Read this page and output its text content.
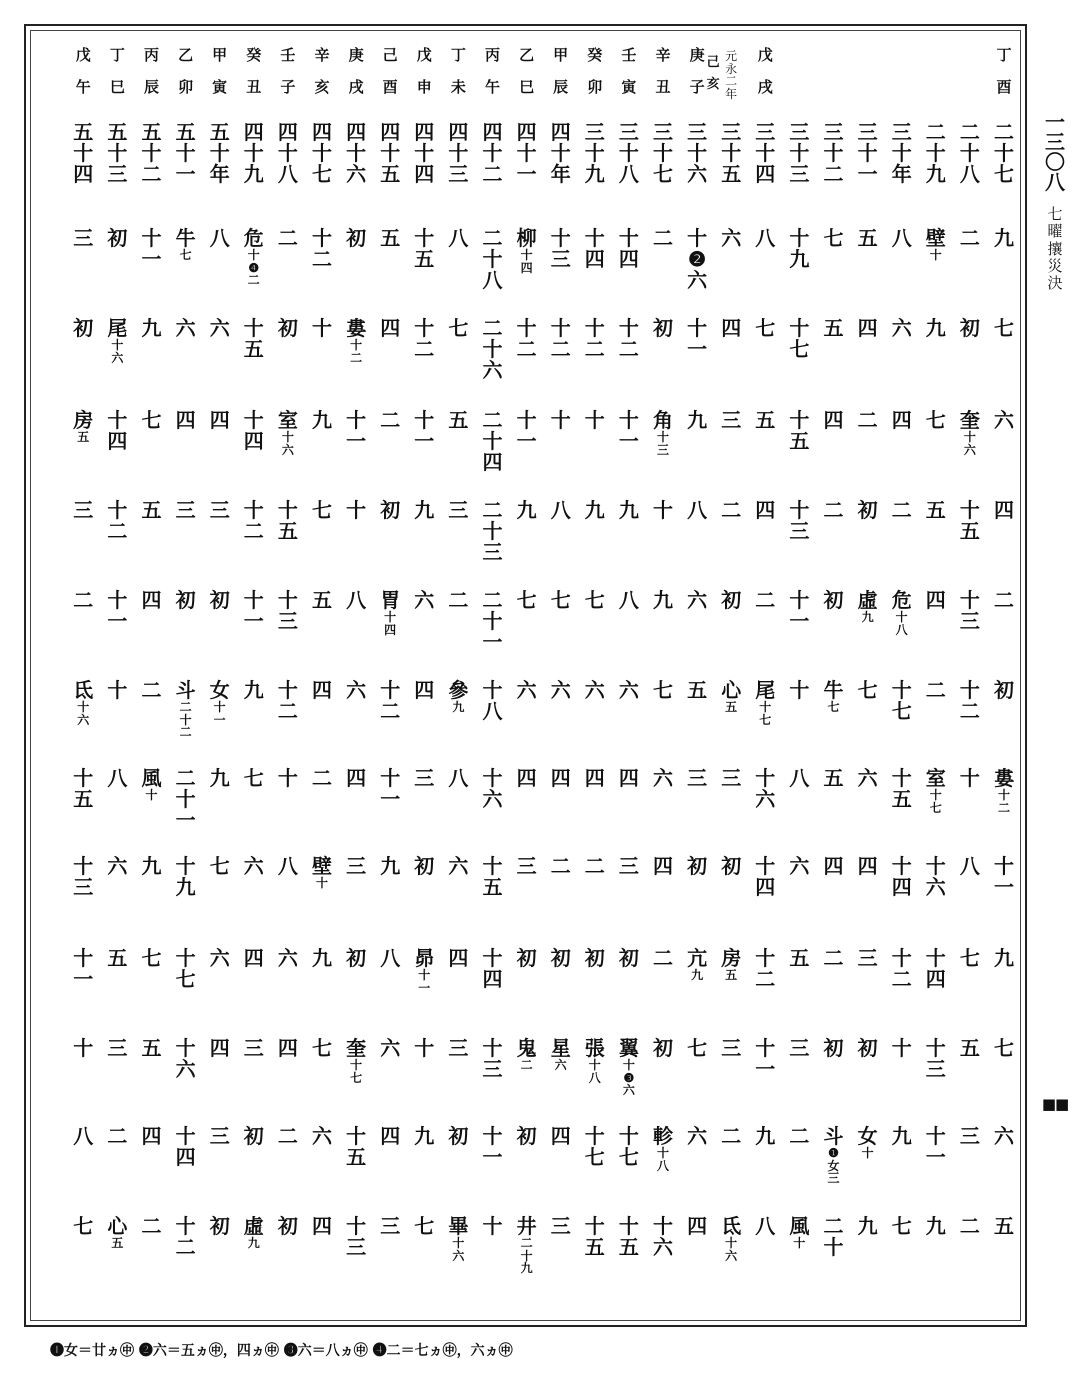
丁
酉
二
十
七
九
七
六
四
二
初
婁
十
二
十
一
九
七
六
五
二
十
八
二
初
奎
十
六
十
五
十
三
十
二
十
八
七
五
三
二
二
十
九
壁
十
九
七
五
四
二
室
十
七
十
六
十
四
十
三
十
一
九
三
十
年
八
六
四
二
危
十
八
十
七
十
五
十
四
十
二
十
九
七
三
十
一
五
四
二
初
虛
九
七
六
四
三
初
女
十
九
三
十
二
七
五
四
二
初
牛
七
五
四
二
初
斗
❶
女
三
二
十
三
十
三
十
九
十
七
十
五
十
三
十
一
十
八
六
五
三
二
風
十
戊
戌
三
十
四
八
七
五
四
二
尾
十
七
十
六
十
四
十
二
十
一
九
八
元
永
二
年
己
亥
三
十
五
六
四
三
二
初
心
五
三
初
房
五
三
二
氐
十
六
庚
子
三
十
六
十
❷
六
十
一
九
八
六
五
三
初
亢
九
七
六
四
辛
丑
三
十
七
二
初
角
十
三
十
九
七
六
四
二
初
軫
十
八
十
六
壬
寅
三
十
八
十
四
十
二
十
一
九
八
六
四
三
初
翼
十
❸
六
十
七
十
五
癸
卯
三
十
九
十
四
十
二
十
九
七
六
四
二
初
張
十
八
十
七
十
五
甲
辰
四
十
年
十
三
十
二
十
八
七
六
四
二
初
星
六
四
三
乙
巳
四
十
一
柳
十
四
十
二
十
一
九
七
六
四
三
初
鬼
二
初
井
二
十
九
丙
午
四
十
二
二
十
八
二
十
六
二
十
四
二
十
三
二
十
一
十
八
十
六
十
五
十
四
十
三
十
一
十
丁
未
四
十
三
八
七
五
三
二
參
九
八
六
四
三
初
畢
十
六
戊
申
四
十
四
十
五
十
二
十
一
九
六
四
三
初
昴
十
一
十
九
七
己
酉
四
十
五
五
四
二
初
胃
十
四
十
二
十
一
九
八
六
四
三
庚
戌
四
十
六
初
婁
十
二
十
一
十
八
六
四
三
初
奎
十
七
十
五
十
三
辛
亥
四
十
七
十
二
十
九
七
五
四
二
壁
十
九
七
六
四
壬
子
四
十
八
二
初
室
十
六
十
五
十
三
十
二
十
八
六
四
二
初
癸
丑
四
十
九
危
十
❹
二
十
五
十
四
十
二
十
一
九
七
六
四
三
初
虛
九
甲
寅
五
十
年
八
六
四
三
初
女
十
一
九
七
六
四
三
初
乙
卯
五
十
一
牛
七
六
四
三
初
斗
二
十
二
二
十
一
十
九
十
七
十
六
十
四
十
二
丙
辰
五
十
二
十
一
九
七
五
四
二
風
十
九
七
五
四
二
丁
巳
五
十
三
初
尾
十
六
十
四
十
二
十
一
十
八
六
五
三
二
心
五
戊
午
五
十
四
三
初
房
五
三
二
氐
十
六
十
五
十
三
十
一
十
八
七
一
三
〇
八
七
曜
攘
災
決
■■
❶女＝廿ヵ㊥ ❷六＝五ヵ㊥，四ヵ㊥ ❸六＝八ヵ㊥ ❹二＝七ヵ㊥，六ヵ㊥
